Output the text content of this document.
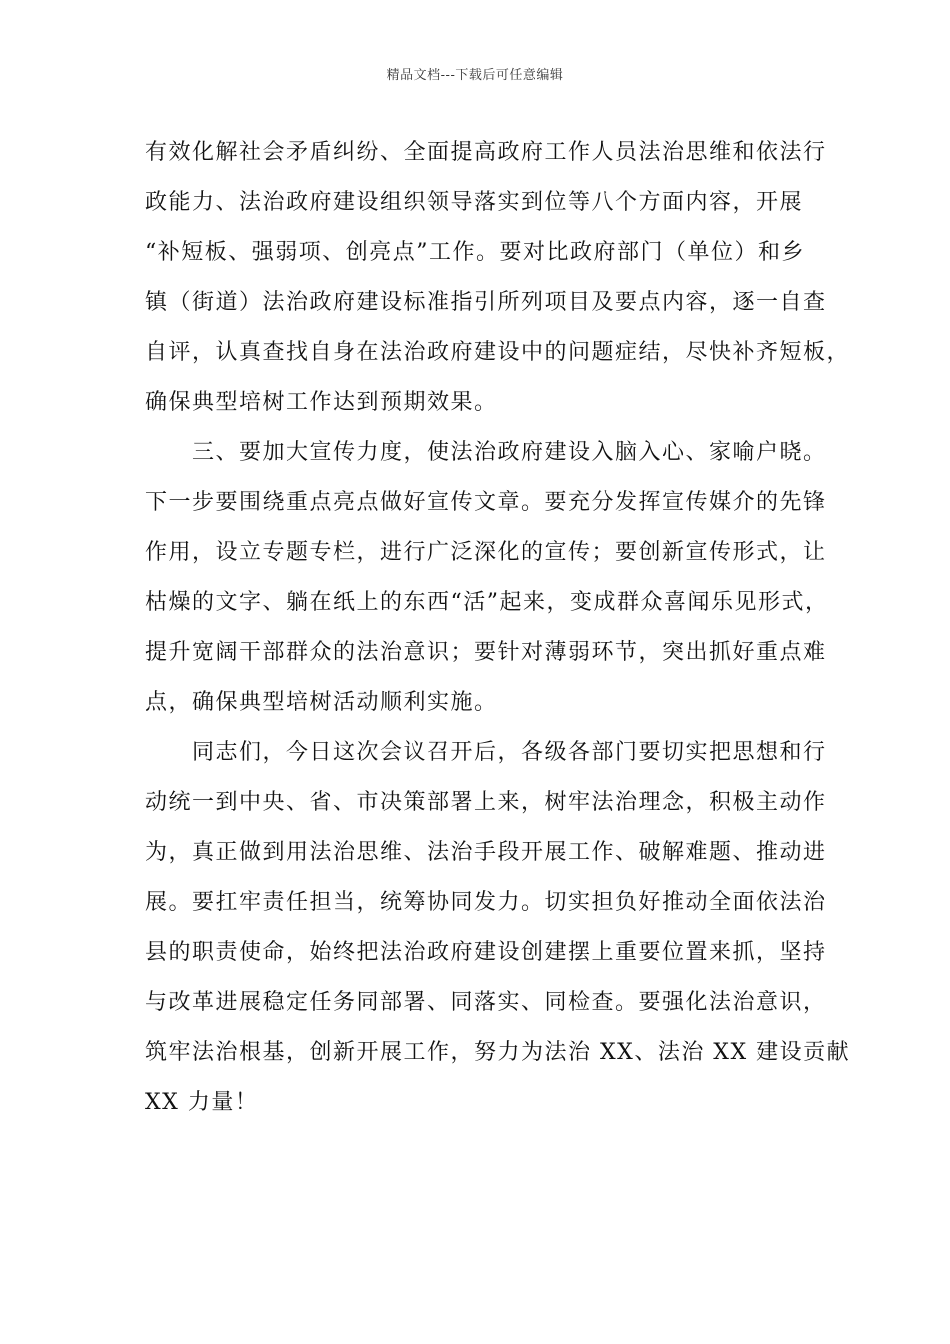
精品文档---下载后可任意编辑
有效化解社会矛盾纠纷、全面提高政府工作人员法治思维和依法行
政能力、法治政府建设组织领导落实到位等八个方面内容，开展
“补短板、强弱项、创亮点”工作。要对比政府部门（单位）和乡
镇（街道）法治政府建设标准指引所列项目及要点内容，逐一自查
自评，认真查找自身在法治政府建设中的问题症结，尽快补齐短板，
确保典型培树工作达到预期效果。
　　三、要加大宣传力度，使法治政府建设入脑入心、家喻户晓。
下一步要围绕重点亮点做好宣传文章。要充分发挥宣传媒介的先锋
作用，设立专题专栏，进行广泛深化的宣传；要创新宣传形式，让
枯燥的文字、躺在纸上的东西“活”起来，变成群众喜闻乐见形式，
提升宽阔干部群众的法治意识；要针对薄弱环节，突出抓好重点难
点，确保典型培树活动顺利实施。
　　同志们，今日这次会议召开后，各级各部门要切实把思想和行
动统一到中央、省、市决策部署上来，树牢法治理念，积极主动作
为，真正做到用法治思维、法治手段开展工作、破解难题、推动进
展。要扛牢责任担当，统筹协同发力。切实担负好推动全面依法治
县的职责使命，始终把法治政府建设创建摆上重要位置来抓，坚持
与改革进展稳定任务同部署、同落实、同检查。要强化法治意识，
筑牢法治根基，创新开展工作，努力为法治 XX、法治 XX 建设贡献
XX 力量！
